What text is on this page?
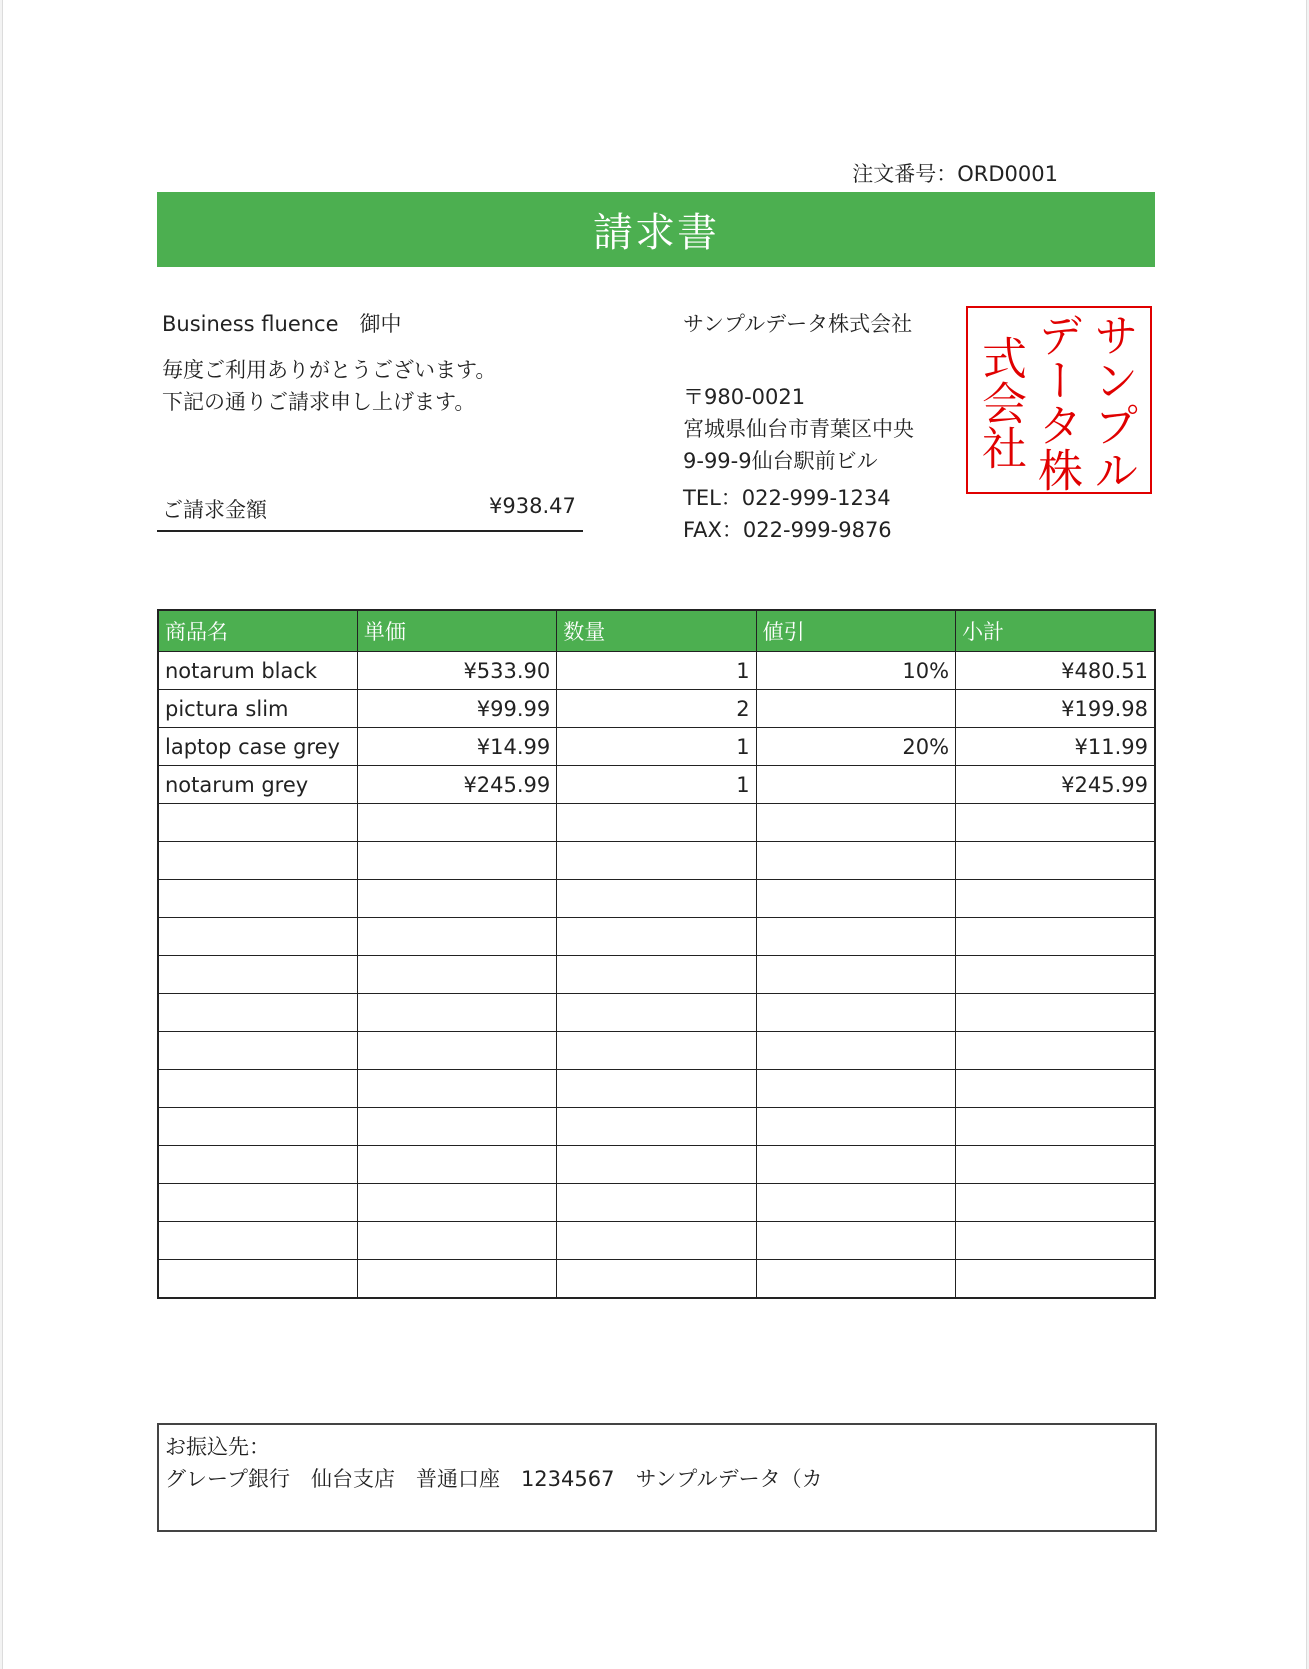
注文番号：ORD0001
請求書
Business fluence　御中
毎度ご利用ありがとうございます。
下記の通りご請求申し上げます。
ご請求金額	¥938.47
サンプルデータ株式会社
〒980-0021
宮城県仙台市青葉区中央
9-99-9仙台駅前ビル
TEL：022-999-1234
FAX：022-999-9876
サンプル
データ株
式会社
商品名	単価	数量	値引	小計
notarum black	¥533.90	1	10%	¥480.51
pictura slim	¥99.99	2		¥199.98
laptop case grey	¥14.99	1	20%	¥11.99
notarum grey	¥245.99	1		¥245.99

お振込先：
グレープ銀行　仙台支店　普通口座　1234567　サンプルデータ（カ
